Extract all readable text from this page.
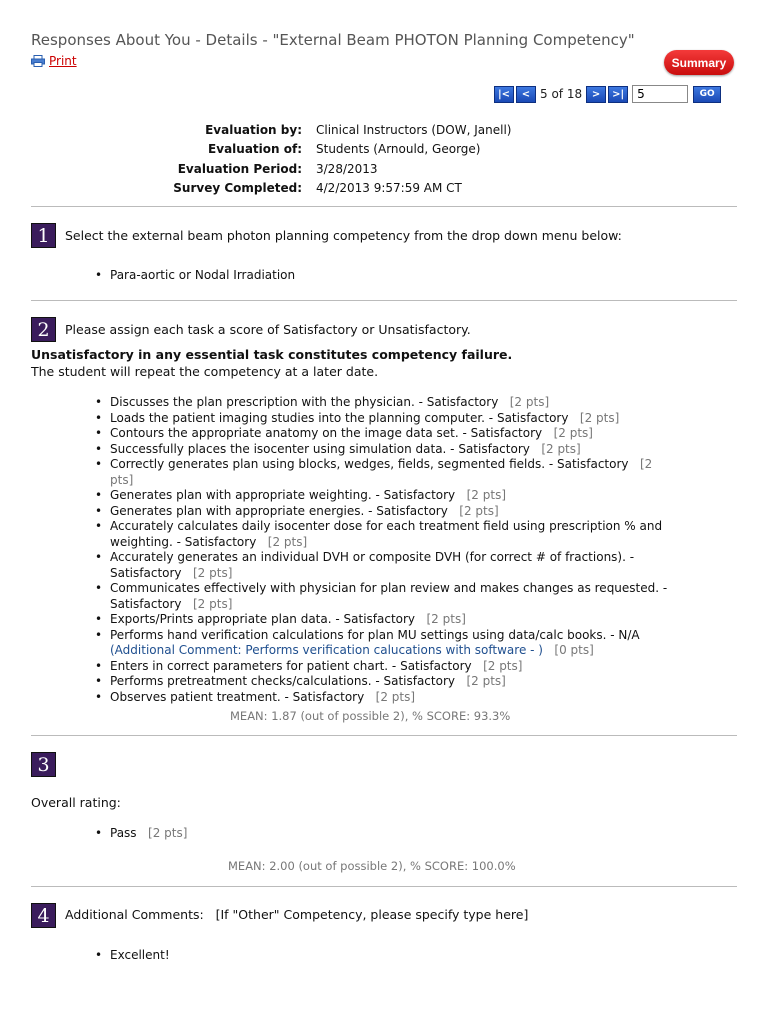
Responses About You - Details - "External Beam PHOTON Planning Competency"
Print	Summary
|<	< 5 of 18 >	>|
5	GO
Evaluation by: Clinical Instructors (DOW, Janell)
Evaluation of: Students (Arnould, George)
Evaluation Period: 3/28/2013
Survey Completed: 4/2/2013 9:57:59 AM CT
1	Select the external beam photon planning competency from the drop down menu below:
• Para-aortic or Nodal Irradiation
2	Please assign each task a score of Satisfactory or Unsatisfactory.
Unsatisfactory in any essential task constitutes competency failure.
The student will repeat the competency at a later date.
• Discusses the plan prescription with the physician. - Satisfactory [2 pts]
• Loads the patient imaging studies into the planning computer. - Satisfactory [2 pts]
• Contours the appropriate anatomy on the image data set. - Satisfactory [2 pts]
• Successfully places the isocenter using simulation data. - Satisfactory [2 pts]
• Correctly generates plan using blocks, wedges, fields, segmented fields. - Satisfactory [2 pts]
• Generates plan with appropriate weighting. - Satisfactory [2 pts]
• Generates plan with appropriate energies. - Satisfactory [2 pts]
• Accurately calculates daily isocenter dose for each treatment field using prescription % and weighting. - Satisfactory [2 pts]
• Accurately generates an individual DVH or composite DVH (for correct # of fractions). - Satisfactory [2 pts]
• Communicates effectively with physician for plan review and makes changes as requested. - Satisfactory [2 pts]
• Exports/Prints appropriate plan data. - Satisfactory [2 pts]
• Performs hand verification calculations for plan MU settings using data/calc books. - N/A  (Additional Comment: Performs verification calucations with software - ) [0 pts]
• Enters in correct parameters for patient chart. - Satisfactory [2 pts]
• Performs pretreatment checks/calculations. - Satisfactory [2 pts]
• Observes patient treatment. - Satisfactory [2 pts]
MEAN: 1.87 (out of possible 2), % SCORE: 93.3%
3
Overall rating:
• Pass [2 pts]
MEAN: 2.00 (out of possible 2), % SCORE: 100.0%
4	Additional Comments:   [If "Other" Competency, please specify type here]
• Excellent!
